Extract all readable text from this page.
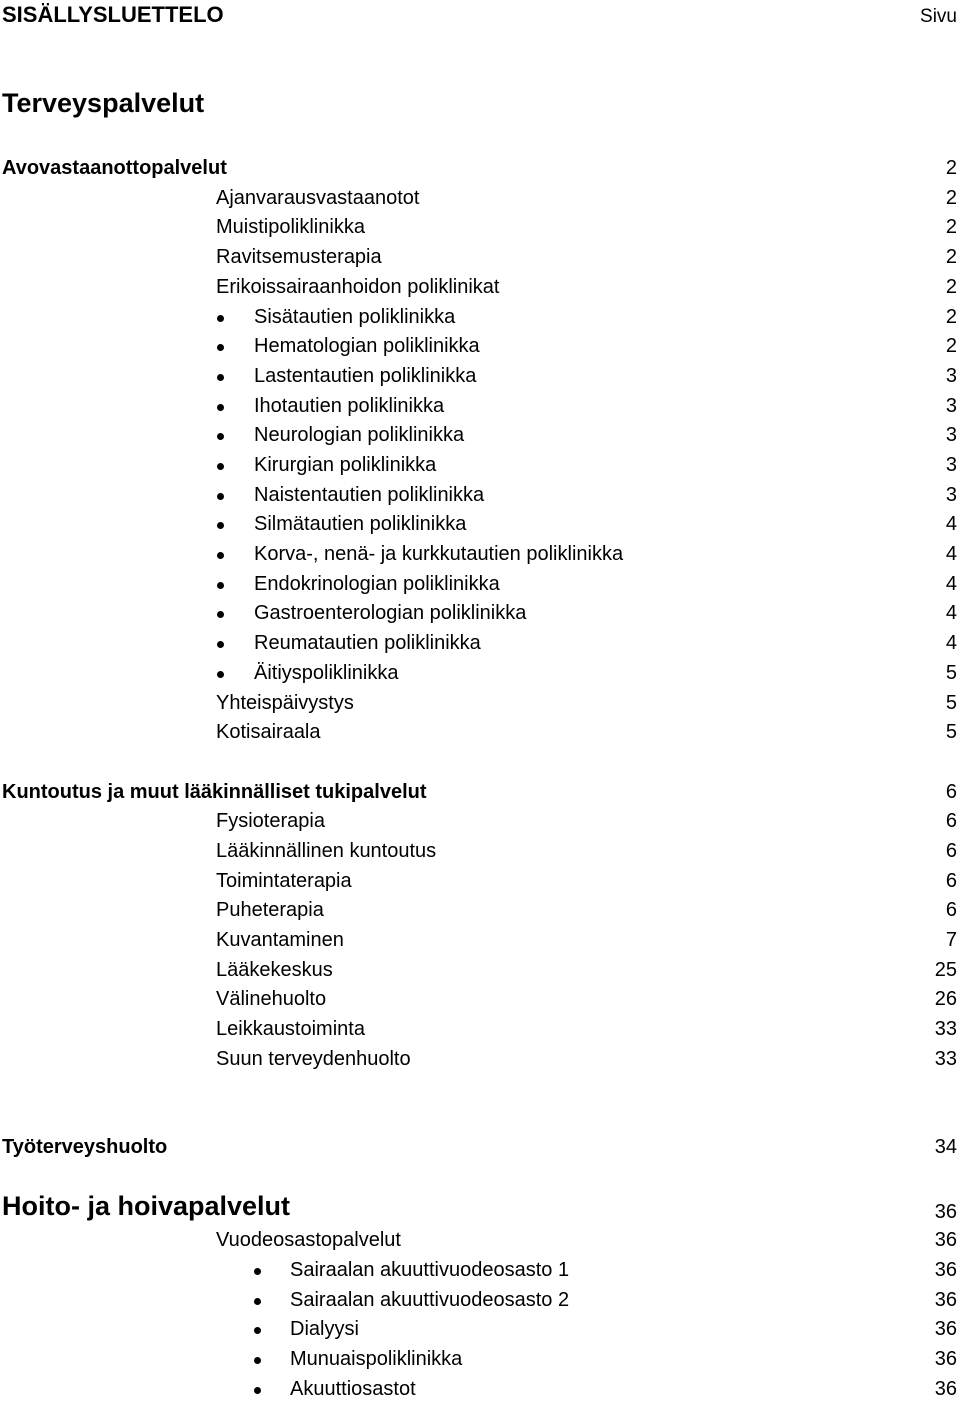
SISÄLLYSLUETTELO	Sivu
Terveyspalvelut
Avovastaanottopalvelut	2
Ajanvarausvastaanotot	2
Muistipoliklinikka	2
Ravitsemusterapia	2
Erikoissairaanhoidon poliklinikat	2
Sisätautien poliklinikka	2
Hematologian poliklinikka	2
Lastentautien poliklinikka	3
Ihotautien poliklinikka	3
Neurologian poliklinikka	3
Kirurgian poliklinikka	3
Naistentautien poliklinikka	3
Silmätautien poliklinikka	4
Korva-, nenä- ja kurkkutautien poliklinikka	4
Endokrinologian poliklinikka	4
Gastroenterologian poliklinikka	4
Reumatautien poliklinikka	4
Äitiyspoliklinikka	5
Yhteispäivystys	5
Kotisairaala	5
Kuntoutus ja muut lääkinnälliset tukipalvelut	6
Fysioterapia	6
Lääkinnällinen kuntoutus	6
Toimintaterapia	6
Puheterapia	6
Kuvantaminen	7
Lääkekeskus	25
Välinehuolto	26
Leikkaustoiminta	33
Suun terveydenhuolto	33
Työterveyshuolto	34
Hoito- ja hoivapalvelut	36
Vuodeosastopalvelut	36
Sairaalan akuuttivuodeosasto 1	36
Sairaalan akuuttivuodeosasto 2	36
Dialyysi	36
Munuaispoliklinikka	36
Akuuttiosastot	36
